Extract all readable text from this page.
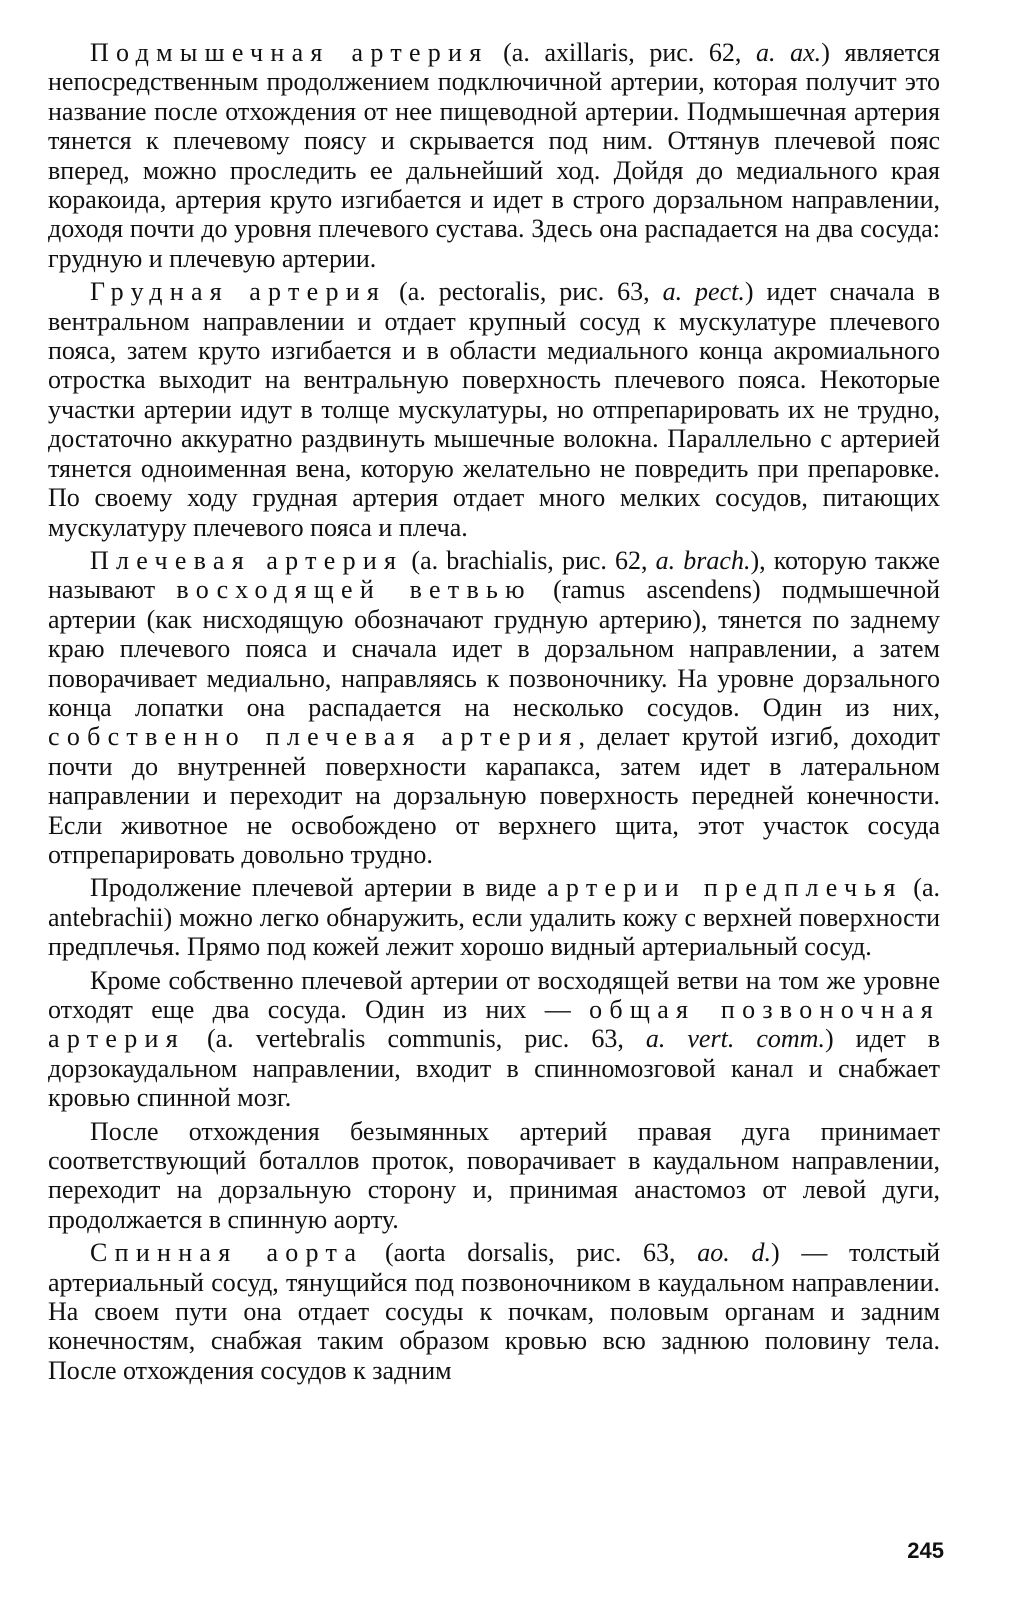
Подмышечная артерия (a. axillaris, рис. 62, a. ax.) является непосредственным продолжением подключичной артерии, которая получит это название после отхождения от нее пищеводной артерии. Подмышечная артерия тянется к плечевому поясу и скрывается под ним. Оттянув плечевой пояс вперед, можно проследить ее дальнейший ход. Дойдя до медиального края коракоида, артерия круто изгибается и идет в строго дорзальном направлении, доходя почти до уровня плечевого сустава. Здесь она распадается на два сосуда: грудную и плечевую артерии.

Грудная артерия (a. pectoralis, рис. 63, a. pect.) идет сначала в вентральном направлении и отдает крупный сосуд к мускулатуре плечевого пояса, затем круто изгибается и в области медиального конца акромиального отростка выходит на вентральную поверхность плечевого пояса. Некоторые участки артерии идут в толще мускулатуры, но отпрепарировать их не трудно, достаточно аккуратно раздвинуть мышечные волокна. Параллельно с артерией тянется одноименная вена, которую желательно не повредить при препаровке. По своему ходу грудная артерия отдает много мелких сосудов, питающих мускулатуру плечевого пояса и плеча.

Плечевая артерия (a. brachialis, рис. 62, a. brach.), которую также называют восходящей ветвью (ramus ascendens) подмышечной артерии (как нисходящую обозначают грудную артерию), тянется по заднему краю плечевого пояса и сначала идет в дорзальном направлении, а затем поворачивает медиально, направляясь к позвоночнику. На уровне дорзального конца лопатки она распадается на несколько сосудов. Один из них, собственно плечевая артерия, делает крутой изгиб, доходит почти до внутренней поверхности карапакса, затем идет в латеральном направлении и переходит на дорзальную поверхность передней конечности. Если животное не освобождено от верхнего щита, этот участок сосуда отпрепарировать довольно трудно.

Продолжение плечевой артерии в виде артерии предплечья (a. antebrachii) можно легко обнаружить, если удалить кожу с верхней поверхности предплечья. Прямо под кожей лежит хорошо видный артериальный сосуд.

Кроме собственно плечевой артерии от восходящей ветви на том же уровне отходят еще два сосуда. Один из них — общая позвоночная артерия (a. vertebralis communis, рис. 63, a. vert. comm.) идет в дорзокаудальном направлении, входит в спинномозговой канал и снабжает кровью спинной мозг.

После отхождения безымянных артерий правая дуга принимает соответствующий боталлов проток, поворачивает в каудальном направлении, переходит на дорзальную сторону и, принимая анастомоз от левой дуги, продолжается в спинную аорту.

Спинная аорта (aorta dorsalis, рис. 63, ao. d.) — толстый артериальный сосуд, тянущийся под позвоночником в каудальном направлении. На своем пути она отдает сосуды к почкам, половым органам и задним конечностям, снабжая таким образом кровью всю заднюю половину тела. После отхождения сосудов к задним

245
